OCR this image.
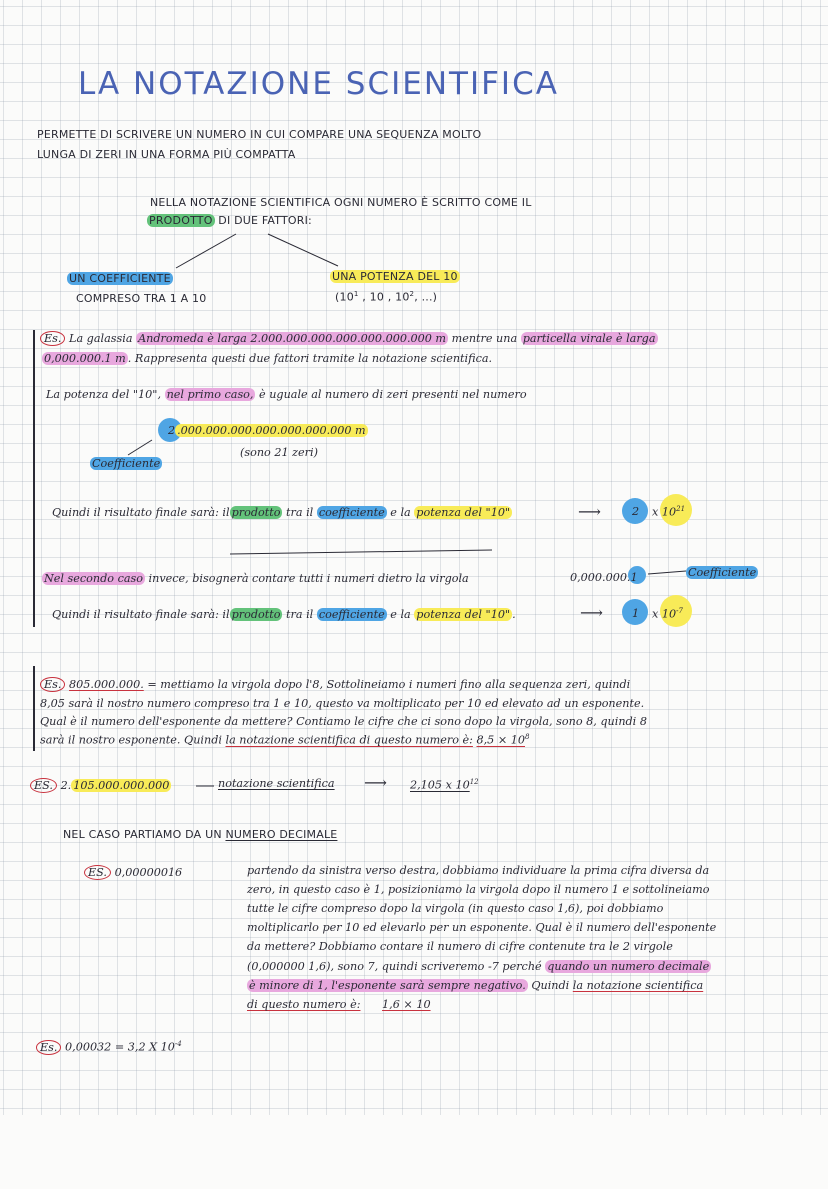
LA NOTAZIONE SCIENTIFICA
PERMETTE DI SCRIVERE UN NUMERO IN CUI COMPARE UNA SEQUENZA MOLTO
LUNGA DI ZERI IN UNA FORMA PIÙ COMPATTA
NELLA NOTAZIONE SCIENTIFICA OGNI NUMERO È SCRITTO COME IL
PRODOTTO DI DUE FATTORI:
UN COEFFICIENTE
COMPRESO TRA 1 A 10
UNA POTENZA DEL 10
($10^1$ , 10 , $10^2$, ...)
Es. La galassia Andromeda è larga 2.000.000.000.000.000.000.000 m mentre una particella virale è larga
0,000.000.1 m . Rappresenta questi due fattori tramite la notazione scientifica.
La potenza del "10", nel primo caso, è uguale al numero di zeri presenti nel numero
2 .000.000.000.000.000.000.000 m
(sono 21 zeri)
Coefficiente
Quindi il risultato finale sarà: il prodotto tra il coefficiente e la potenza del "10"	⟶	2 x $10^{21}$
Nel secondo caso invece, bisognerà contare tutti i numeri dietro la virgola	0,000.000.1	Coefficiente
Quindi il risultato finale sarà: il prodotto tra il coefficiente e la potenza del "10" .	⟶	1 x $10^{-7}$
Es. 805.000.000. = mettiamo la virgola dopo l'8, Sottolineiamo i numeri fino alla sequenza zeri, quindi
8,05 sarà il nostro numero compreso tra 1 e 10, questo va moltiplicato per 10 ed elevato ad un esponente.
Qual è il numero dell'esponente da mettere? Contiamo le cifre che ci sono dopo la virgola, sono 8, quindi 8
sarà il nostro esponente. Quindi la notazione scientifica di questo numero è: $8,5 \times 10^8$
ES. 2. 105.000.000.000	notazione scientifica ⟶ 2,105 x $10^{12}$
NEL CASO PARTIAMO DA UN NUMERO DECIMALE
ES. 0,00000016	partendo da sinistra verso destra, dobbiamo individuare la prima cifra diversa da
zero, in questo caso è 1, posizioniamo la virgola dopo il numero 1 e sottolineiamo
tutte le cifre compreso dopo la virgola (in questo caso 1,6), poi dobbiamo
moltiplicarlo per 10 ed elevarlo per un esponente. Qual è il numero dell'esponente
da mettere? Dobbiamo contare il numero di cifre contenute tra le 2 virgole
(0,000000 1,6), sono 7, quindi scriveremo -7 perché quando un numero decimale
è minore di 1, l'esponente sarà sempre negativo. Quindi la notazione scientifica
di questo numero è: 1,6 × 10
Es. 0,00032 = 3,2 X $10^{-4}$
